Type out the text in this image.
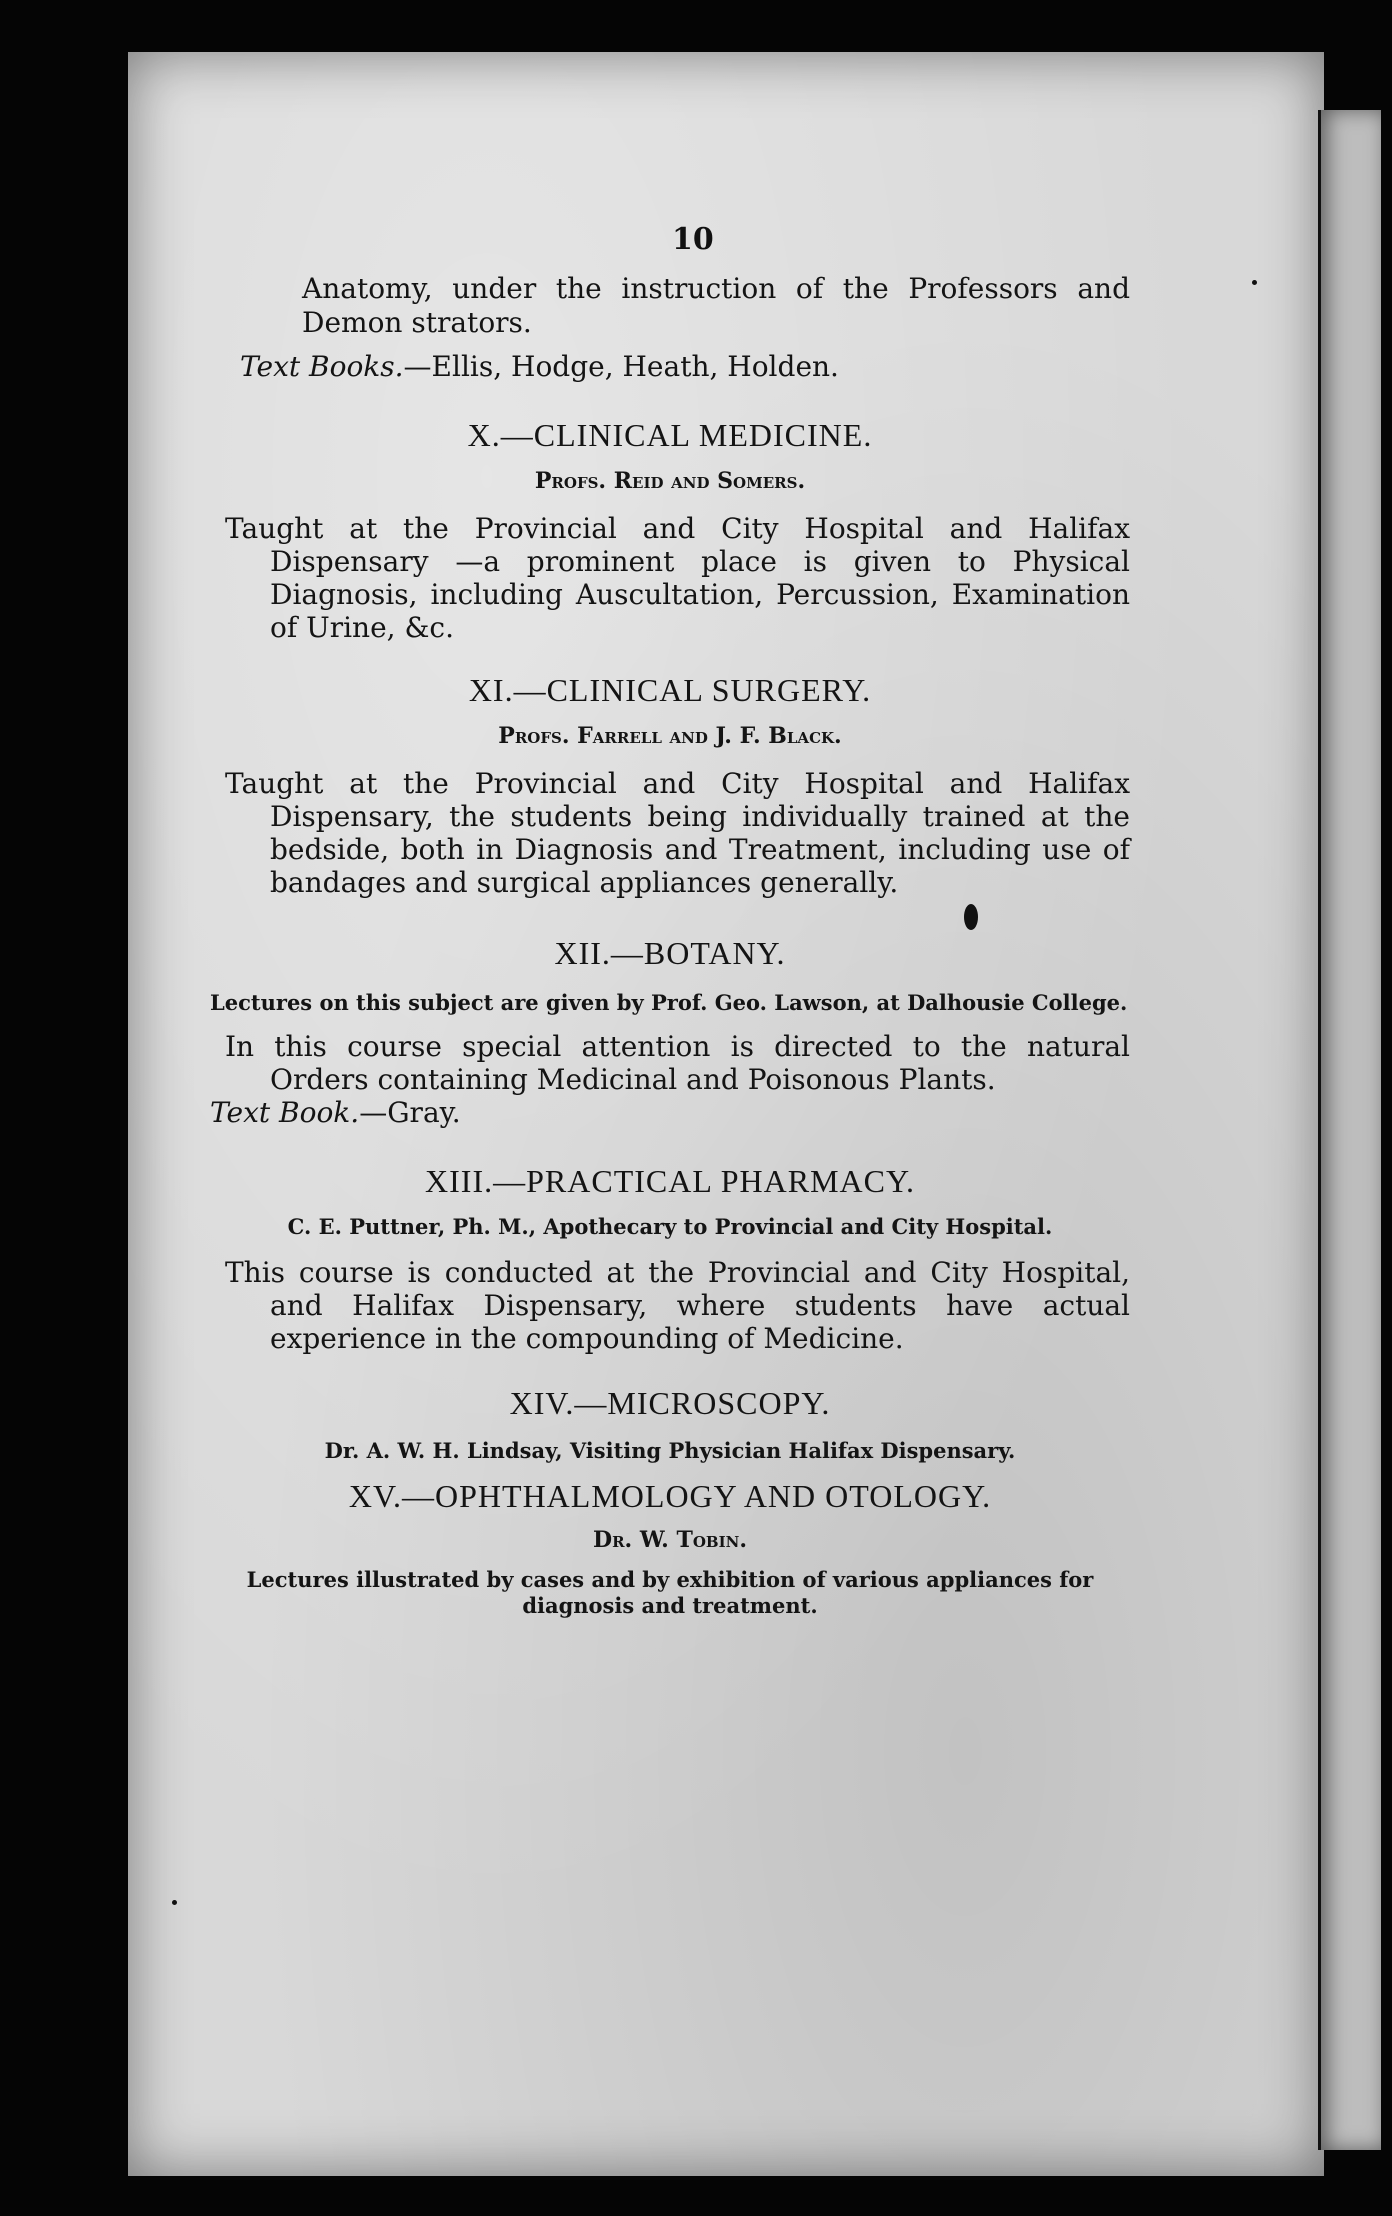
10

Anatomy, under the instruction of the Professors and Demon strators.

Text Books.—Ellis, Hodge, Heath, Holden.

X.—CLINICAL MEDICINE.

Profs. Reid and Somers.

Taught at the Provincial and City Hospital and Halifax Dispensary —a prominent place is given to Physical Diagnosis, including Auscultation, Percussion, Examination of Urine, &c.

XI.—CLINICAL SURGERY.

Profs. Farrell and J. F. Black.

Taught at the Provincial and City Hospital and Halifax Dispensary, the students being individually trained at the bedside, both in Diagnosis and Treatment, including use of bandages and surgical appliances generally.

XII.—BOTANY.

Lectures on this subject are given by Prof. Geo. Lawson, at Dalhousie College.

In this course special attention is directed to the natural Orders containing Medicinal and Poisonous Plants.

Text Book.—Gray.

XIII.—PRACTICAL PHARMACY.

C. E. Puttner, Ph. M., Apothecary to Provincial and City Hospital.

This course is conducted at the Provincial and City Hospital, and Halifax Dispensary, where students have actual experience in the compounding of Medicine.

XIV.—MICROSCOPY.

Dr. A. W. H. Lindsay, Visiting Physician Halifax Dispensary.

XV.—OPHTHALMOLOGY AND OTOLOGY.

Dr. W. Tobin.

Lectures illustrated by cases and by exhibition of various appliances for diagnosis and treatment.
